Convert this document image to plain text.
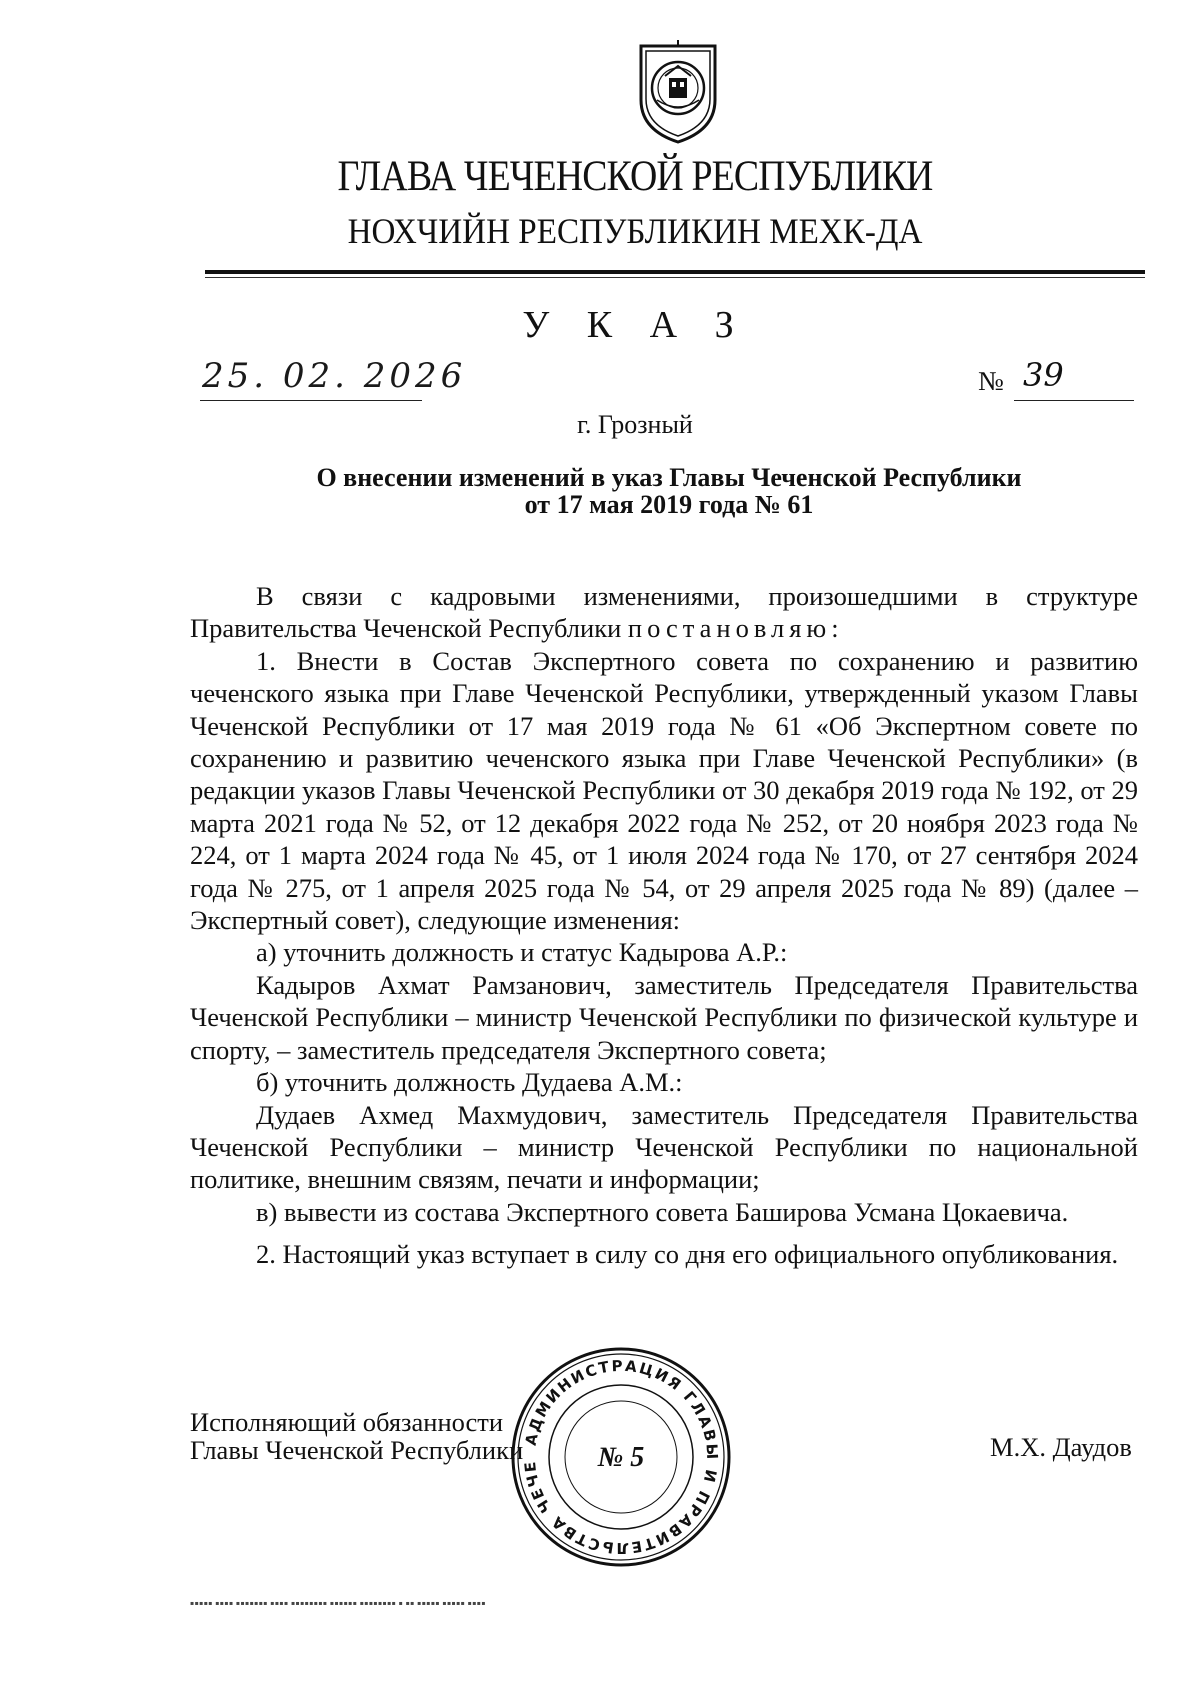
ГЛАВА ЧЕЧЕНСКОЙ РЕСПУБЛИКИ
НОХЧИЙН РЕСПУБЛИКИН МЕХК-ДА
У К А З
25. 02. 2026	№ 39
г. Грозный
О внесении изменений в указ Главы Чеченской Республики
от 17 мая 2019 года № 61

В связи с кадровыми изменениями, произошедшими в структуре Правительства Чеченской Республики постановляю:

1. Внести в Состав Экспертного совета по сохранению и развитию чеченского языка при Главе Чеченской Республики, утвержденный указом Главы Чеченской Республики от 17 мая 2019 года № 61 «Об Экспертном совете по сохранению и развитию чеченского языка при Главе Чеченской Республики» (в редакции указов Главы Чеченской Республики от 30 декабря 2019 года № 192, от 29 марта 2021 года № 52, от 12 декабря 2022 года № 252, от 20 ноября 2023 года № 224, от 1 марта 2024 года № 45, от 1 июля 2024 года № 170, от 27 сентября 2024 года № 275, от 1 апреля 2025 года № 54, от 29 апреля 2025 года № 89) (далее – Экспертный совет), следующие изменения:

а) уточнить должность и статус Кадырова А.Р.:

Кадыров Ахмат Рамзанович, заместитель Председателя Правительства Чеченской Республики – министр Чеченской Республики по физической культуре и спорту, – заместитель председателя Экспертного совета;

б) уточнить должность Дудаева А.М.:

Дудаев Ахмед Махмудович, заместитель Председателя Правительства Чеченской Республики – министр Чеченской Республики по национальной политике, внешним связям, печати и информации;

в) вывести из состава Экспертного совета Баширова Усмана Цокаевича.

2. Настоящий указ вступает в силу со дня его официального опубликования.

Исполняющий обязанности
Главы Чеченской Республики	М.Х. Даудов
АДМИНИСТРАЦИЯ ГЛАВЫ И ПРАВИТЕЛЬСТВА ЧЕЧЕ	№ 5
▪▪▪▪▪ ▪▪▪▪ ▪▪▪▪▪▪▪ ▪▪▪▪ ▪▪▪▪▪▪▪▪ ▪▪▪▪▪▪ ▪▪▪▪▪▪▪▪ ▪ ▪▪ ▪▪▪▪▪ ▪▪▪▪▪ ▪▪▪▪
